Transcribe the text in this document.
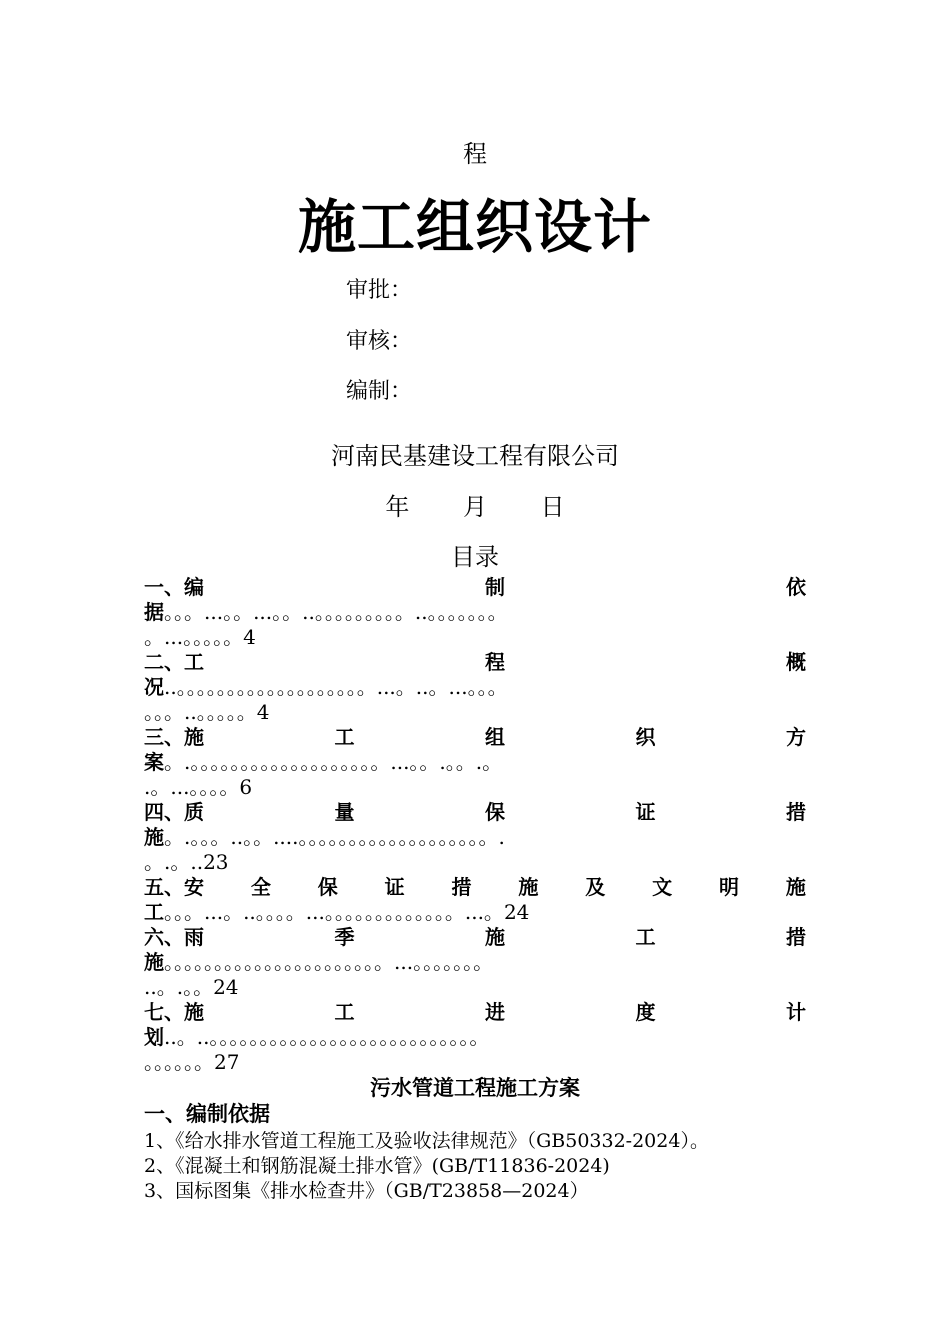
程
施工组织设计
审批：
审核：
编制：
河南民基建设工程有限公司
年 月 日
目录
一、编	制	依
据。。。...。。...。。..。。。。。。。。。..。。。。。。。
。...。。。。。4
二、工	程	概
况..。。。。。。。。。。。。。。。。。。。...。..。...。。。
。。。..。。。。。4
三、施	工	组	织	方
案。.。。。。。。。。。。。。。。。。。。。...。。.。。.。
.。...。。。。6
四、质	量	保	证	措
施。.。。。..。。....。。。。。。。。。。。。。。。。。。。.
。.。..23
五、安 全 保 证 措 施 及 文 明 施
工。。。...。..。。。。...。。。。。。。。。。。。。...。24
六、雨	季	施	工	措
施。。。。。。。。。。。。。。。。。。。。。。...。。。。。。。
..。.。。24
七、施	工	进	度	计
划..。..。。。。。。。。。。。。。。。。。。。。。。。。。。。
。。。。。。27
污水管道工程施工方案
一、编制依据
1、《给水排水管道工程施工及验收法律规范》（GB50332-2024）。
2、《混凝土和钢筋混凝土排水管》(GB/T11836-2024)
3、国标图集《排水检查井》（GB/T23858—2024）
